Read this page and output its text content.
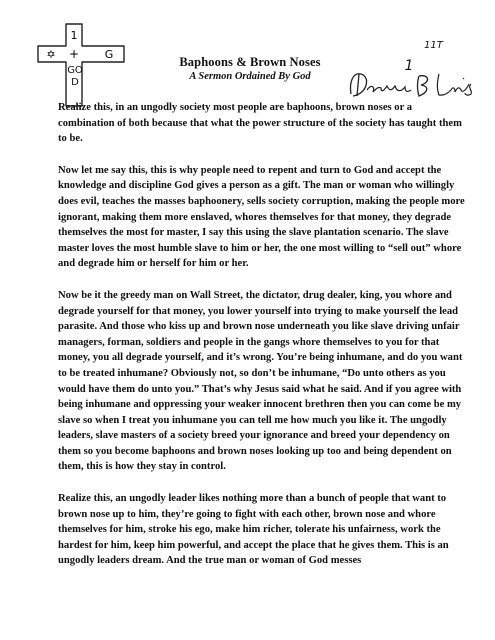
1
+
✡	G
GOD
Baphoons & Brown Noses
A Sermon Ordained By God
11T
1

Realize this, in an ungodly society most people are baphoons, brown noses or a combination of both because that what the power structure of the society has taught them to be.

Now let me say this, this is why people need to repent and turn to God and accept the knowledge and discipline God gives a person as a gift. The man or woman who willingly does evil, teaches the masses baphoonery, sells society corruption, making the people more ignorant, making them more enslaved, whores themselves for that money, they degrade themselves the most for master, I say this using the slave plantation scenario. The slave master loves the most humble slave to him or her, the one most willing to “sell out” whore and degrade him or herself for him or her.

Now be it the greedy man on Wall Street, the dictator, drug dealer, king, you whore and degrade yourself for that money, you lower yourself into trying to make yourself the lead parasite. And those who kiss up and brown nose underneath you like slave driving unfair managers, forman, soldiers and people in the gangs whore themselves to you for that money, you all degrade yourself, and it’s wrong. You’re being inhumane, and do you want to be treated inhumane? Obviously not, so don’t be inhumane, “Do unto others as you would have them do unto you.” That’s why Jesus said what he said. And if you agree with being inhumane and oppressing your weaker innocent brethren then you can come be my slave so when I treat you inhumane you can tell me how much you like it. The ungodly leaders, slave masters of a society breed your ignorance and breed your dependency on them so you become baphoons and brown noses looking up too and being dependent on them, this is how they stay in control.

Realize this, an ungodly leader likes nothing more than a bunch of people that want to brown nose up to him, they’re going to fight with each other, brown nose and whore themselves for him, stroke his ego, make him richer, tolerate his unfairness, work the hardest for him, keep him powerful, and accept the place that he gives them. This is an ungodly leaders dream. And the true man or woman of God messes
